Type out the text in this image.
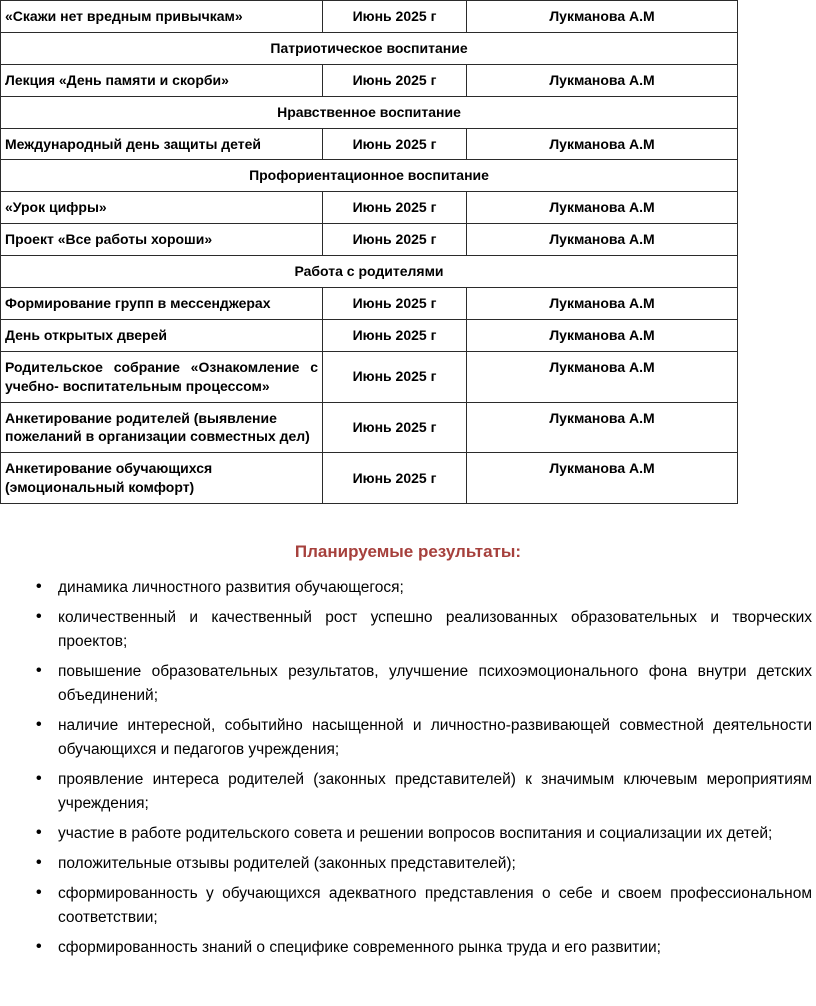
«Скажи нет вредным привычкам»	Июнь 2025 г	Лукманова А.М
Патриотическое воспитание		
Лекция «День памяти и скорби»	Июнь 2025 г	Лукманова А.М
Нравственное воспитание		
Международный день защиты детей	Июнь 2025 г	Лукманова А.М
Профориентационное воспитание		
«Урок цифры»	Июнь 2025 г	Лукманова А.М
Проект «Все работы хороши»	Июнь 2025 г	Лукманова А.М
Работа с родителями		
Формирование групп в мессенджерах	Июнь 2025 г	Лукманова А.М
День открытых дверей	Июнь 2025 г	Лукманова А.М
Родительское собрание «Ознакомление с учебно- воспитательным процессом»	Июнь 2025 г	Лукманова А.М
Анкетирование родителей (выявление пожеланий в организации совместных дел)	Июнь 2025 г	Лукманова А.М
Анкетирование обучающихся (эмоциональный комфорт)	Июнь 2025 г	Лукманова А.М
Планируемые результаты:
• динамика личностного развития обучающегося;
• количественный и качественный рост успешно реализованных образовательных и творческих проектов;
• повышение образовательных результатов, улучшение психоэмоционального фона внутри детских объединений;
• наличие интересной, событийно насыщенной и личностно-развивающей совместной деятельности обучающихся и педагогов учреждения;
• проявление интереса родителей (законных представителей) к значимым ключевым мероприятиям учреждения;
• участие в работе родительского совета и решении вопросов воспитания и социализации их детей;
• положительные отзывы родителей (законных представителей);
• сформированность у обучающихся адекватного представления о себе и своем профессиональном соответствии;
• сформированность знаний о специфике современного рынка труда и его развитии;
